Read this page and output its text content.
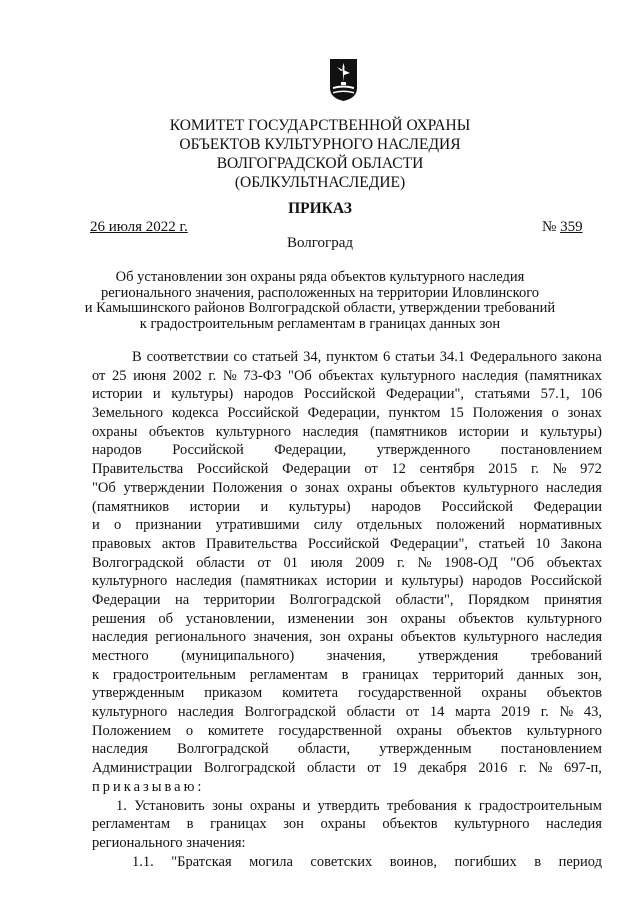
КОМИТЕТ ГОСУДАРСТВЕННОЙ ОХРАНЫ
ОБЪЕКТОВ КУЛЬТУРНОГО НАСЛЕДИЯ
ВОЛГОГРАДСКОЙ ОБЛАСТИ
(ОБЛКУЛЬТНАСЛЕДИЕ)
ПРИКАЗ
26 июля 2022 г.	№ 359
Волгоград
Об установлении зон охраны ряда объектов культурного наследия
регионального значения, расположенных на территории Иловлинского
и Камышинского районов Волгоградской области, утверждении требований
к градостроительным регламентам в границах данных зон
В соответствии со статьей 34, пунктом 6 статьи 34.1 Федерального закона
от 25 июня 2002 г. № 73-ФЗ "Об объектах культурного наследия (памятниках
истории и культуры) народов Российской Федерации", статьями 57.1, 106
Земельного кодекса Российской Федерации, пунктом 15 Положения о зонах
охраны объектов культурного наследия (памятников истории и культуры)
народов Российской Федерации, утвержденного постановлением
Правительства Российской Федерации от 12 сентября 2015 г. № 972
"Об утверждении Положения о зонах охраны объектов культурного наследия
(памятников истории и культуры) народов Российской Федерации
и о признании утратившими силу отдельных положений нормативных
правовых актов Правительства Российской Федерации", статьей 10 Закона
Волгоградской области от 01 июля 2009 г. № 1908-ОД "Об объектах
культурного наследия (памятниках истории и культуры) народов Российской
Федерации на территории Волгоградской области", Порядком принятия
решения об установлении, изменении зон охраны объектов культурного
наследия регионального значения, зон охраны объектов культурного наследия
местного (муниципального) значения, утверждения требований
к градостроительным регламентам в границах территорий данных зон,
утвержденным приказом комитета государственной охраны объектов
культурного наследия Волгоградской области от 14 марта 2019 г. № 43,
Положением о комитете государственной охраны объектов культурного
наследия Волгоградской области, утвержденным постановлением
Администрации Волгоградской области от 19 декабря 2016 г. № 697-п,
приказываю:
1. Установить зоны охраны и утвердить требования к градостроительным
регламентам в границах зон охраны объектов культурного наследия
регионального значения:
1.1. "Братская могила советских воинов, погибших в период
